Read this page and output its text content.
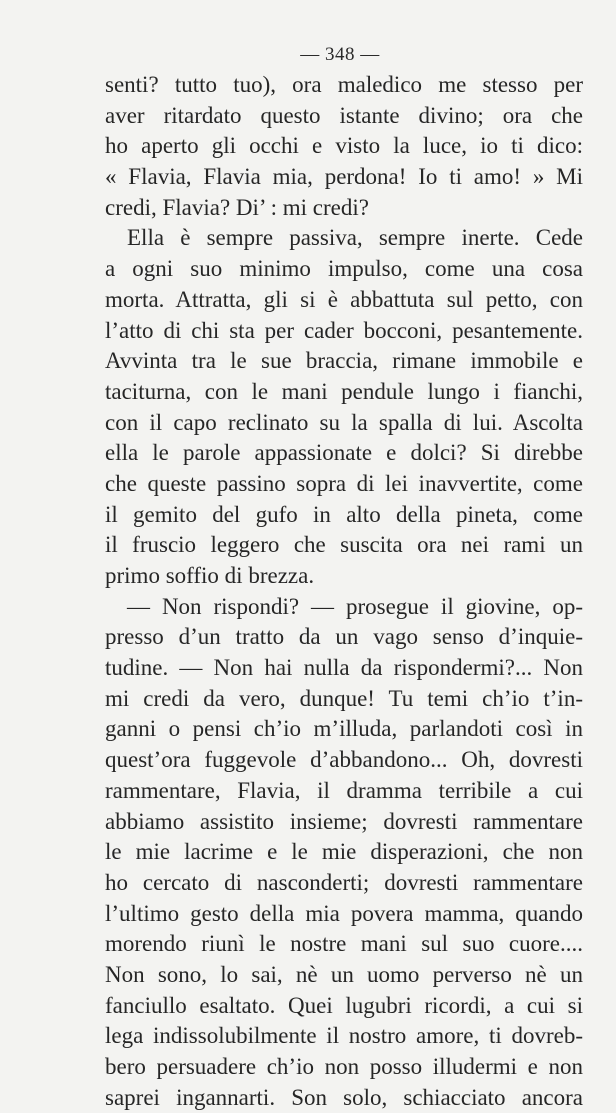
— 348 —
senti? tutto tuo), ora maledico me stesso per
aver ritardato questo istante divino; ora che
ho aperto gli occhi e visto la luce, io ti dico:
« Flavia, Flavia mia, perdona! Io ti amo! » Mi
credi, Flavia? Di’ : mi credi?
Ella è sempre passiva, sempre inerte. Cede
a ogni suo minimo impulso, come una cosa
morta. Attratta, gli si è abbattuta sul petto, con
l’atto di chi sta per cader bocconi, pesantemente.
Avvinta tra le sue braccia, rimane immobile e
taciturna, con le mani pendule lungo i fianchi,
con il capo reclinato su la spalla di lui. Ascolta
ella le parole appassionate e dolci? Si direbbe
che queste passino sopra di lei inavvertite, come
il gemito del gufo in alto della pineta, come
il fruscio leggero che suscita ora nei rami un
primo soffio di brezza.
— Non rispondi? — prosegue il giovine, op-
presso d’un tratto da un vago senso d’inquie-
tudine. — Non hai nulla da rispondermi?... Non
mi credi da vero, dunque! Tu temi ch’io t’in-
ganni o pensi ch’io m’illuda, parlandoti così in
quest’ora fuggevole d’abbandono... Oh, dovresti
rammentare, Flavia, il dramma terribile a cui
abbiamo assistito insieme; dovresti rammentare
le mie lacrime e le mie disperazioni, che non
ho cercato di nasconderti; dovresti rammentare
l’ultimo gesto della mia povera mamma, quando
morendo riunì le nostre mani sul suo cuore....
Non sono, lo sai, nè un uomo perverso nè un
fanciullo esaltato. Quei lugubri ricordi, a cui si
lega indissolubilmente il nostro amore, ti dovreb-
bero persuadere ch’io non posso illudermi e non
saprei ingannarti. Son solo, schiacciato ancora
